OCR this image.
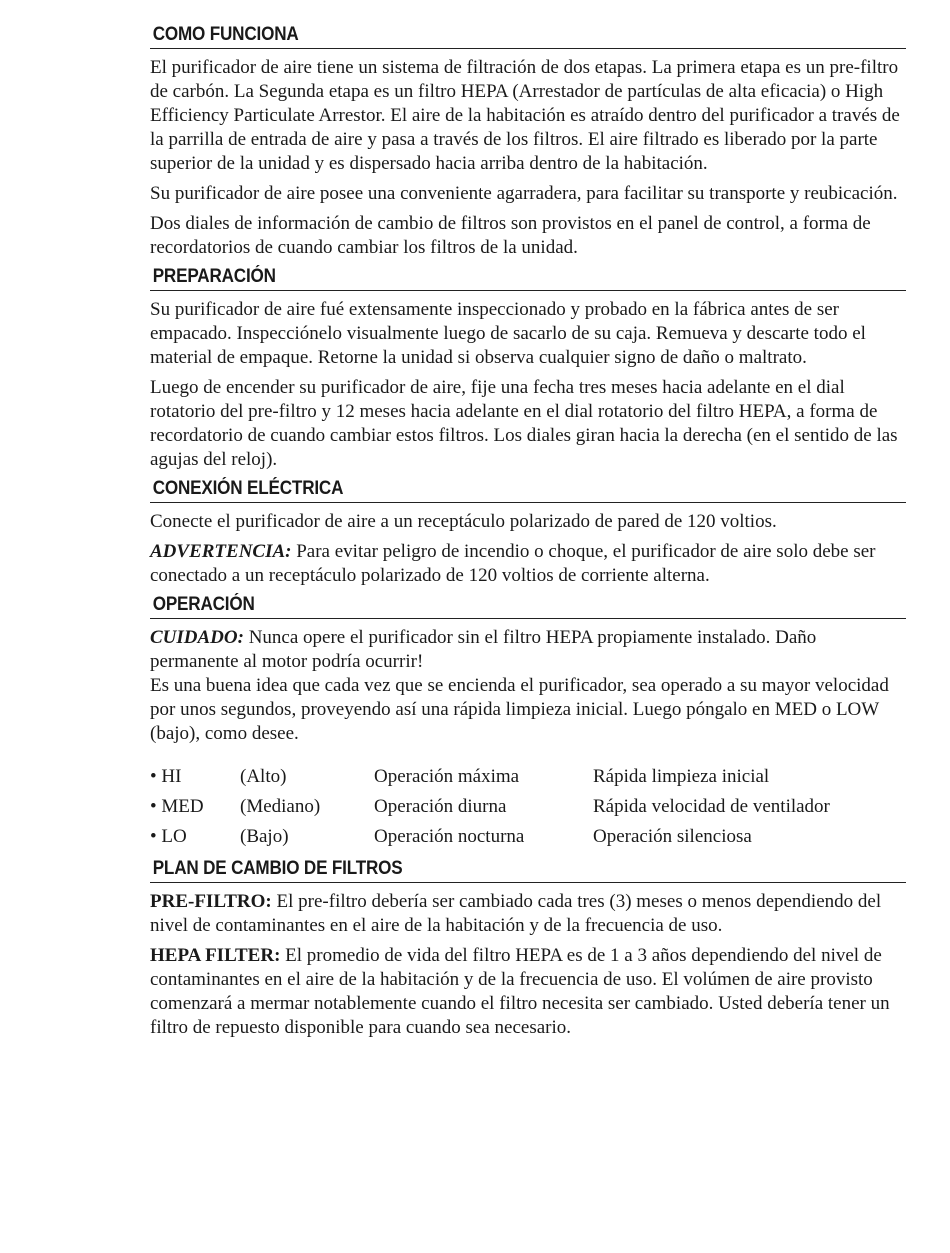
COMO FUNCIONA

El purificador de aire tiene un sistema de filtración de dos etapas. La primera etapa es un pre-filtro de carbón. La Segunda etapa es un filtro HEPA (Arrestador de partículas de alta eficacia) o High Efficiency Particulate Arrestor. El aire de la habitación es atraído dentro del purificador a través de la parrilla de entrada de aire y pasa a través de los filtros. El aire filtrado es liberado por la parte superior de la unidad y es dispersado hacia arriba dentro de la habitación.

Su purificador de aire posee una conveniente agarradera, para facilitar su transporte y reubicación.

Dos diales de información de cambio de filtros son provistos en el panel de control, a forma de recordatorios de cuando cambiar los filtros de la unidad.

PREPARACIÓN

Su purificador de aire fué extensamente inspeccionado y probado en la fábrica antes de ser empacado. Inspecciónelo visualmente luego de sacarlo de su caja. Remueva y descarte todo el material de empaque. Retorne la unidad si observa cualquier signo de daño o maltrato.

Luego de encender su purificador de aire, fije una fecha tres meses hacia adelante en el dial rotatorio del pre-filtro y 12 meses hacia adelante en el dial rotatorio del filtro HEPA, a forma de recordatorio de cuando cambiar estos filtros. Los diales giran hacia la derecha (en el sentido de las agujas del reloj).

CONEXIÓN ELÉCTRICA

Conecte el purificador de aire a un receptáculo polarizado de pared de 120 voltios.

ADVERTENCIA: Para evitar peligro de incendio o choque, el purificador de aire solo debe ser conectado a un receptáculo polarizado de 120 voltios de corriente alterna.

OPERACIÓN

CUIDADO: Nunca opere el purificador sin el filtro HEPA propiamente instalado. Daño permanente al motor podría ocurrir!

Es una buena idea que cada vez que se encienda el purificador, sea operado a su mayor velocidad por unos segundos, proveyendo así una rápida limpieza inicial. Luego póngalo en MED o LOW (bajo), como desee.

• HI	(Alto)	Operación máxima	Rápida limpieza inicial
• MED	(Mediano)	Operación diurna	Rápida velocidad de ventilador
• LO	(Bajo)	Operación nocturna	Operación silenciosa
PLAN DE CAMBIO DE FILTROS

PRE-FILTRO: El pre-filtro debería ser cambiado cada tres (3) meses o menos dependiendo del nivel de contaminantes en el aire de la habitación y de la frecuencia de uso.

HEPA FILTER: El promedio de vida del filtro HEPA es de 1 a 3 años dependiendo del nivel de contaminantes en el aire de la habitación y de la frecuencia de uso. El volúmen de aire provisto comenzará a mermar notablemente cuando el filtro necesita ser cambiado. Usted debería tener un filtro de repuesto disponible para cuando sea necesario.
